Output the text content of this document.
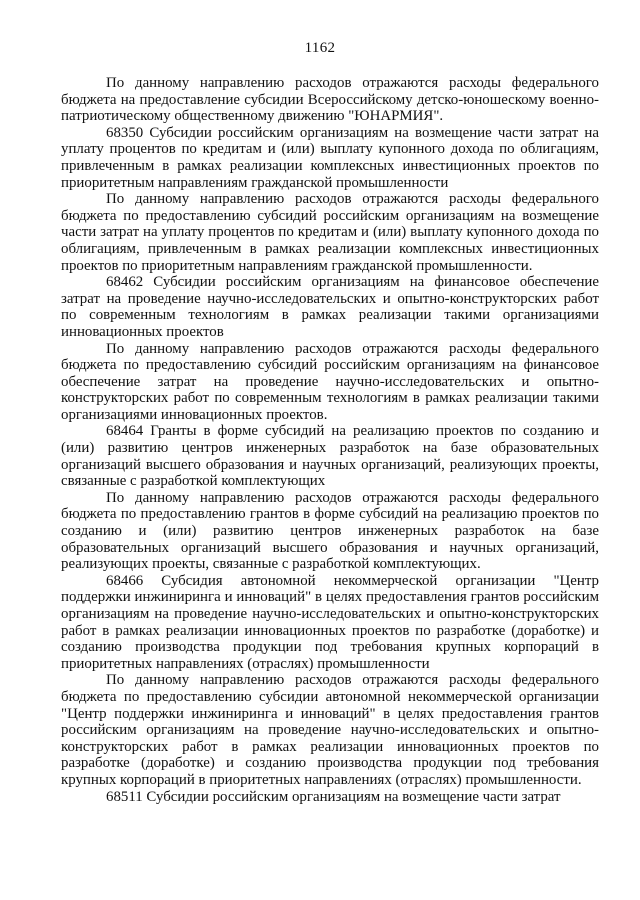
1162

По данному направлению расходов отражаются расходы федерального бюджета на предоставление субсидии Всероссийскому детско-юношескому военно-патриотическому общественному движению "ЮНАРМИЯ".

68350 Субсидии российским организациям на возмещение части затрат на уплату процентов по кредитам и (или) выплату купонного дохода по облигациям, привлеченным в рамках реализации комплексных инвестиционных проектов по приоритетным направлениям гражданской промышленности

По данному направлению расходов отражаются расходы федерального бюджета по предоставлению субсидий российским организациям на возмещение части затрат на уплату процентов по кредитам и (или) выплату купонного дохода по облигациям, привлеченным в рамках реализации комплексных инвестиционных проектов по приоритетным направлениям гражданской промышленности.

68462 Субсидии российским организациям на финансовое обеспечение затрат на проведение научно-исследовательских и опытно-конструкторских работ по современным технологиям в рамках реализации такими организациями инновационных проектов

По данному направлению расходов отражаются расходы федерального бюджета по предоставлению субсидий российским организациям на финансовое обеспечение затрат на проведение научно-исследовательских и опытно-конструкторских работ по современным технологиям в рамках реализации такими организациями инновационных проектов.

68464 Гранты в форме субсидий на реализацию проектов по созданию и (или) развитию центров инженерных разработок на базе образовательных организаций высшего образования и научных организаций, реализующих проекты, связанные с разработкой комплектующих

По данному направлению расходов отражаются расходы федерального бюджета по предоставлению грантов в форме субсидий на реализацию проектов по созданию и (или) развитию центров инженерных разработок на базе образовательных организаций высшего образования и научных организаций, реализующих проекты, связанные с разработкой комплектующих.

68466 Субсидия автономной некоммерческой организации "Центр поддержки инжиниринга и инноваций" в целях предоставления грантов российским организациям на проведение научно-исследовательских и опытно-конструкторских работ в рамках реализации инновационных проектов по разработке (доработке) и созданию производства продукции под требования крупных корпораций в приоритетных направлениях (отраслях) промышленности

По данному направлению расходов отражаются расходы федерального бюджета по предоставлению субсидии автономной некоммерческой организации "Центр поддержки инжиниринга и инноваций" в целях предоставления грантов российским организациям на проведение научно-исследовательских и опытно-конструкторских работ в рамках реализации инновационных проектов по разработке (доработке) и созданию производства продукции под требования крупных корпораций в приоритетных направлениях (отраслях) промышленности.

68511 Субсидии российским организациям на возмещение части затрат
